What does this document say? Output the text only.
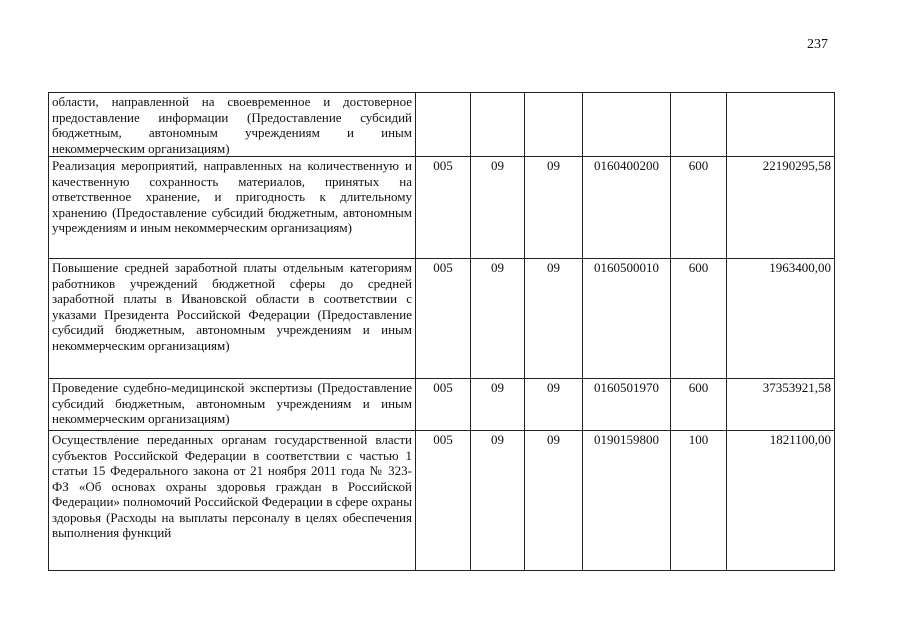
237
области, направленной на своевременное и достоверное предоставление информации (Предоставление субсидий бюджетным, автономным учреждениям и иным некоммерческим организациям)						
Реализация мероприятий, направленных на количественную и качественную сохранность материалов, принятых на ответственное хранение, и пригодность к длительному хранению (Предоставление субсидий бюджетным, автономным учреждениям и иным некоммерческим организациям)	005	09	09	0160400200	600	22190295,58
Повышение средней заработной платы отдельным категориям работников учреждений бюджетной сферы до средней заработной платы в Ивановской области в соответствии с указами Президента Российской Федерации (Предоставление субсидий бюджетным, автономным учреждениям и иным некоммерческим организациям)	005	09	09	0160500010	600	1963400,00
Проведение судебно-медицинской экспертизы (Предоставление субсидий бюджетным, автономным учреждениям и иным некоммерческим организациям)	005	09	09	0160501970	600	37353921,58
Осуществление переданных органам государственной власти субъектов Российской Федерации в соответствии с частью 1 статьи 15 Федерального закона от 21 ноября 2011 года № 323-ФЗ «Об основах охраны здоровья граждан в Российской Федерации» полномочий Российской Федерации в сфере охраны здоровья (Расходы на выплаты персоналу в целях обеспечения выполнения функций	005	09	09	0190159800	100	1821100,00
